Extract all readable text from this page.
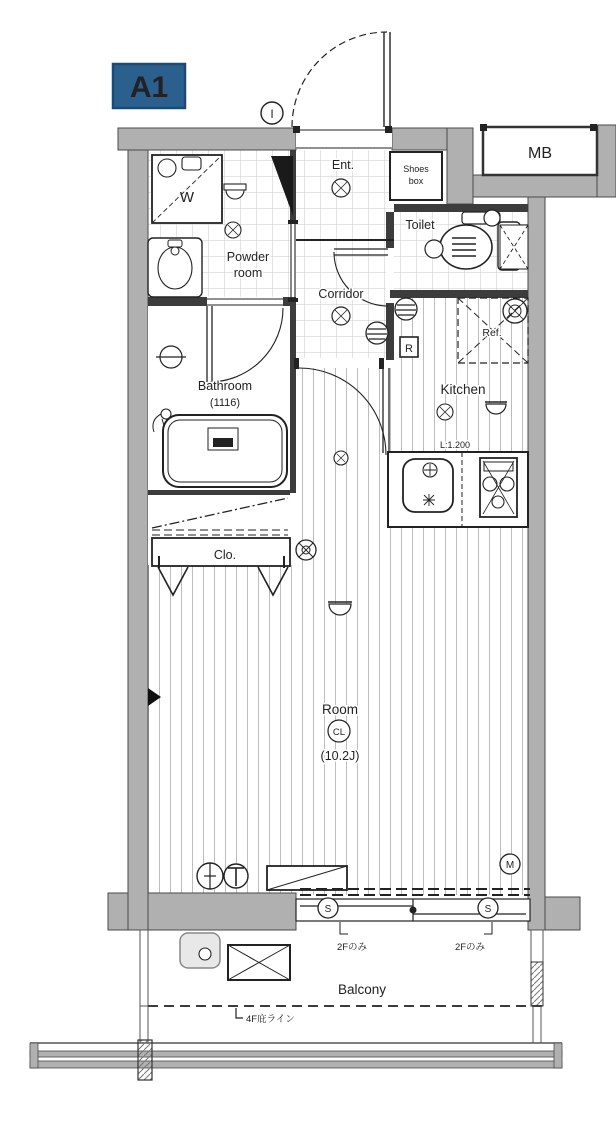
MB
I
Shoes
box
Ent.
Toilet
W
Powder
room
Corridor
Bathroom
(1116)
Ref.
R
Kitchen
L:1.200
Clo.
Room
CL
(10.2J)
M
S	S
2Fのみ	2Fのみ
Balcony
4F庇ライン
A1
